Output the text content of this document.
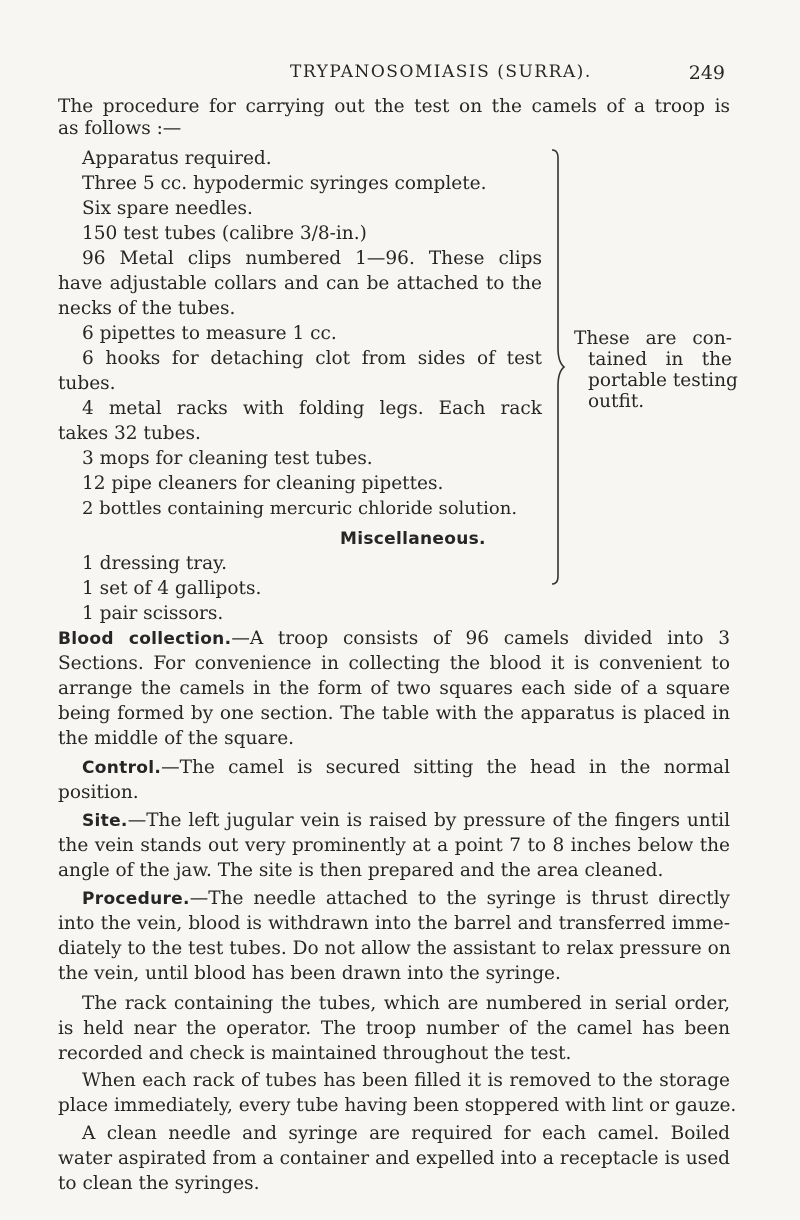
TRYPANOSOMIASIS (SURRA).	249
The procedure for carrying out the test on the camels of a troop is
as follows :—
Apparatus required.
Three 5 cc. hypodermic syringes complete.
Six spare needles.
150 test tubes (calibre 3/8-in.)
96 Metal clips numbered 1—96. These clips
have adjustable collars and can be attached to the
necks of the tubes.
6 pipettes to measure 1 cc.
6 hooks for detaching clot from sides of test
tubes.
4 metal racks with folding legs. Each rack
takes 32 tubes.
3 mops for cleaning test tubes.
12 pipe cleaners for cleaning pipettes.
2 bottles containing mercuric chloride solution.
These are con-
tained in the
portable testing
outfit.
Miscellaneous.
1 dressing tray.
1 set of 4 gallipots.
1 pair scissors.
Blood collection.—A troop consists of 96 camels divided into 3
Sections. For convenience in collecting the blood it is convenient to
arrange the camels in the form of two squares each side of a square
being formed by one section. The table with the apparatus is placed in
the middle of the square.
Control.—The camel is secured sitting the head in the normal
position.
Site.—The left jugular vein is raised by pressure of the fingers until
the vein stands out very prominently at a point 7 to 8 inches below the
angle of the jaw. The site is then prepared and the area cleaned.
Procedure.—The needle attached to the syringe is thrust directly
into the vein, blood is withdrawn into the barrel and transferred imme-
diately to the test tubes. Do not allow the assistant to relax pressure on
the vein, until blood has been drawn into the syringe.
The rack containing the tubes, which are numbered in serial order,
is held near the operator. The troop number of the camel has been
recorded and check is maintained throughout the test.
When each rack of tubes has been filled it is removed to the storage
place immediately, every tube having been stoppered with lint or gauze.
A clean needle and syringe are required for each camel. Boiled
water aspirated from a container and expelled into a receptacle is used
to clean the syringes.
